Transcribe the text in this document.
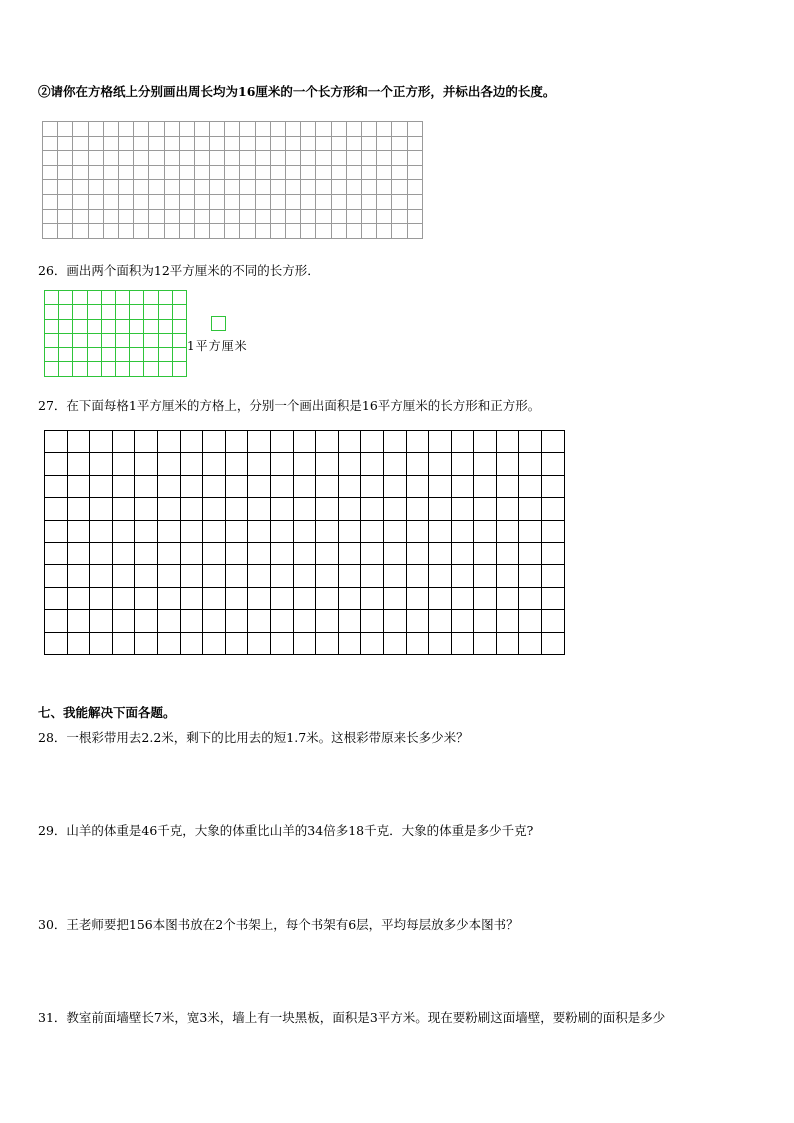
②请你在方格纸上分别画出周长均为16厘米的一个长方形和一个正方形，并标出各边的长度。

26．画出两个面积为12平方厘米的不同的长方形．

1平方厘米
27．在下面每格1平方厘米的方格上，分别一个画出面积是16平方厘米的长方形和正方形。

七、我能解决下面各题。
28．一根彩带用去2.2米，剩下的比用去的短1.7米。这根彩带原来长多少米？
29．山羊的体重是46千克，大象的体重比山羊的34倍多18千克．大象的体重是多少千克?
30．王老师要把156本图书放在2个书架上，每个书架有6层，平均每层放多少本图书？
31．教室前面墙壁长7米，宽3米，墙上有一块黑板，面积是3平方米。现在要粉刷这面墙壁，要粉刷的面积是多少
